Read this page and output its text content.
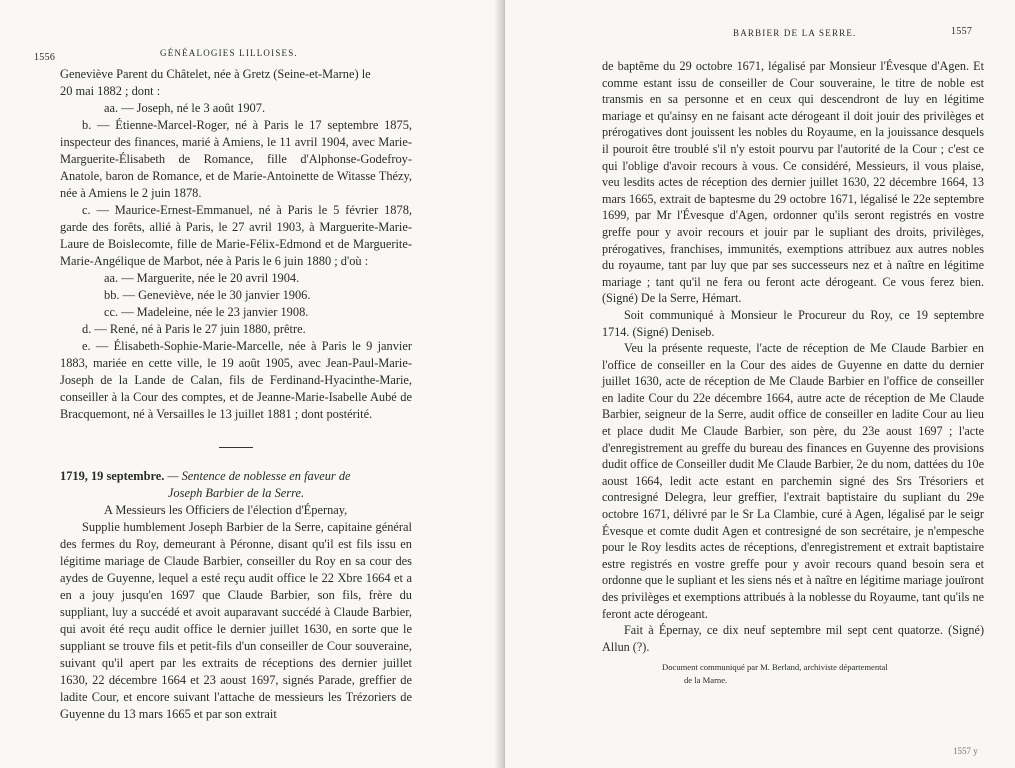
1556	GÉNÉALOGIES LILLOISES.

Geneviève Parent du Châtelet, née à Gretz (Seine-et-Marne) le

20 mai 1882 ; dont :

aa. — Joseph, né le 3 août 1907.

b. — Étienne-Marcel-Roger, né à Paris le 17 septembre 1875, inspecteur des finances, marié à Amiens, le 11 avril 1904, avec Marie-Marguerite-Élisabeth de Romance, fille d'Alphonse-Godefroy-Anatole, baron de Romance, et de Marie-Antoinette de Witasse Thézy, née à Amiens le 2 juin 1878.

c. — Maurice-Ernest-Emmanuel, né à Paris le 5 février 1878, garde des forêts, allié à Paris, le 27 avril 1903, à Marguerite-Marie-Laure de Boislecomte, fille de Marie-Félix-Edmond et de Marguerite-Marie-Angélique de Marbot, née à Paris le 6 juin 1880 ; d'où :

aa. — Marguerite, née le 20 avril 1904.

bb. — Geneviève, née le 30 janvier 1906.

cc. — Madeleine, née le 23 janvier 1908.

d. — René, né à Paris le 27 juin 1880, prêtre.

e. — Élisabeth-Sophie-Marie-Marcelle, née à Paris le 9 janvier 1883, mariée en cette ville, le 19 août 1905, avec Jean-Paul-Marie-Joseph de la Lande de Calan, fils de Ferdinand-Hyacinthe-Marie, conseiller à la Cour des comptes, et de Jeanne-Marie-Isabelle Aubé de Bracquemont, né à Versailles le 13 juillet 1881 ; dont postérité.

1719, 19 septembre. — Sentence de noblesse en faveur de

Joseph Barbier de la Serre.

A Messieurs les Officiers de l'élection d'Épernay,

Supplie humblement Joseph Barbier de la Serre, capitaine général des fermes du Roy, demeurant à Péronne, disant qu'il est fils issu en légitime mariage de Claude Barbier, conseiller du Roy en sa cour des aydes de Guyenne, lequel a esté reçu audit office le 22 Xbre 1664 et a en a jouy jusqu'en 1697 que Claude Barbier, son fils, frère du suppliant, luy a succédé et avoit auparavant succédé à Claude Barbier, qui avoit été reçu audit office le dernier juillet 1630, en sorte que le suppliant se trouve fils et petit-fils d'un conseiller de Cour souveraine, suivant qu'il apert par les extraits de réceptions des dernier juillet 1630, 22 décembre 1664 et 23 aoust 1697, signés Parade, greffier de ladite Cour, et encore suivant l'attache de messieurs les Trézoriers de Guyenne du 13 mars 1665 et par son extrait

BARBIER DE LA SERRE.	1557

de baptême du 29 octobre 1671, légalisé par Monsieur l'Évesque d'Agen. Et comme estant issu de conseiller de Cour souveraine, le titre de noble est transmis en sa personne et en ceux qui descendront de luy en légitime mariage et qu'ainsy en ne faisant acte dérogeant il doit jouir des privilèges et prérogatives dont jouissent les nobles du Royaume, en la jouissance desquels il pouroit être troublé s'il n'y estoit pourvu par l'autorité de la Cour ; c'est ce qui l'oblige d'avoir recours à vous. Ce considéré, Messieurs, il vous plaise, veu lesdits actes de réception des dernier juillet 1630, 22 décembre 1664, 13 mars 1665, extrait de baptesme du 29 octobre 1671, légalisé le 22e septembre 1699, par Mr l'Évesque d'Agen, ordonner qu'ils seront registrés en vostre greffe pour y avoir recours et jouir par le supliant des droits, privilèges, prérogatives, franchises, immunités, exemptions attribuez aux autres nobles du royaume, tant par luy que par ses successeurs nez et à naître en légitime mariage ; tant qu'il ne fera ou feront acte dérogeant. Ce vous ferez bien. (Signé) De la Serre, Hémart.

Soit communiqué à Monsieur le Procureur du Roy, ce 19 septembre 1714. (Signé) Deniseb.

Veu la présente requeste, l'acte de réception de Me Claude Barbier en l'office de conseiller en la Cour des aides de Guyenne en datte du dernier juillet 1630, acte de réception de Me Claude Barbier en l'office de conseiller en ladite Cour du 22e décembre 1664, autre acte de réception de Me Claude Barbier, seigneur de la Serre, audit office de conseiller en ladite Cour au lieu et place dudit Me Claude Barbier, son père, du 23e aoust 1697 ; l'acte d'enregistrement au greffe du bureau des finances en Guyenne des provisions dudit office de Conseiller dudit Me Claude Barbier, 2e du nom, dattées du 10e aoust 1664, ledit acte estant en parchemin signé des Srs Trésoriers et contresigné Delegra, leur greffier, l'extrait baptistaire du supliant du 29e octobre 1671, délivré par le Sr La Clambie, curé à Agen, légalisé par le seigr Évesque et comte dudit Agen et contresigné de son secrétaire, je n'empesche pour le Roy lesdits actes de réceptions, d'enregistrement et extrait baptistaire estre registrés en vostre greffe pour y avoir recours quand besoin sera et ordonne que le supliant et les siens nés et à naître en légitime mariage jouïront des privilèges et exemptions attribués à la noblesse du Royaume, tant qu'ils ne feront acte dérogeant.

Fait à Épernay, ce dix neuf septembre mil sept cent quatorze. (Signé) Allun (?).

Document communiqué par M. Berland, archiviste départemental
de la Marne.
1557 y
